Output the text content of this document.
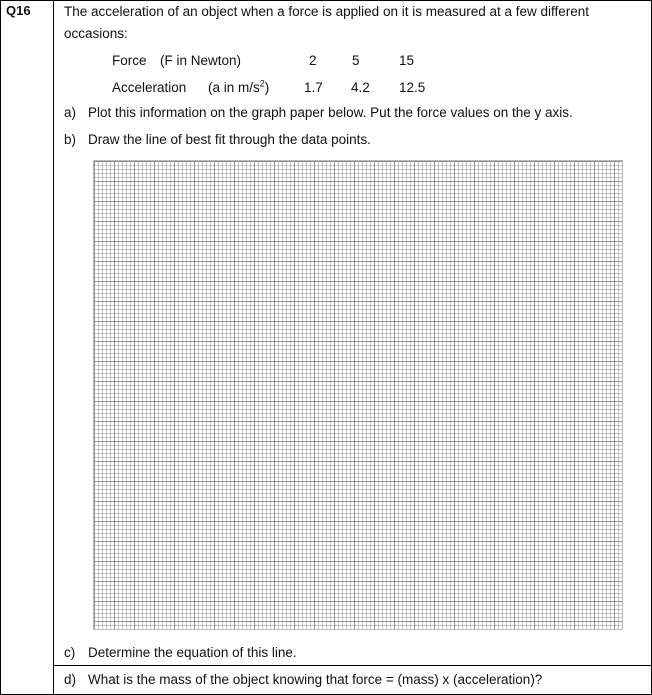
Q16 The acceleration of an object when a force is applied on it is measured at a few different
occasions:
Force (F in Newton)	2	5	15
Acceleration (a in $m/s^2$)	1.7 4.2 12.5
a) Plot this information on the graph paper below. Put the force values on the y axis.
b) Draw the line of best fit through the data points.
c) Determine the equation of this line.
d) What is the mass of the object knowing that force = (mass) x (acceleration)?
